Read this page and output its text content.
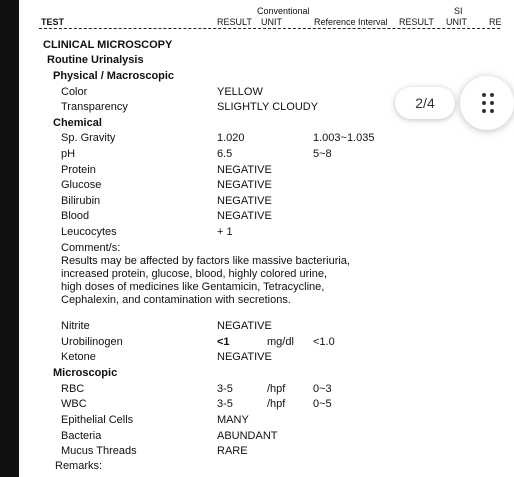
Conventional	SI
TEST	RESULT UNIT	Reference Interval RESULT UNIT RE
CLINICAL MICROSCOPY
Routine Urinalysis
Physical / Macroscopic
Color	YELLOW
Transparency	SLIGHTLY CLOUDY
Chemical
Sp. Gravity	1.020	1.003~1.035
pH	6.5	5~8
Protein	NEGATIVE
Glucose	NEGATIVE
Bilirubin	NEGATIVE
Blood	NEGATIVE
Leucocytes	+ 1
Comment/s:
Results may be affected by factors like massive bacteriuria,
increased protein, glucose, blood, highly colored urine,
high doses of medicines like Gentamicin, Tetracycline,
Cephalexin, and contamination with secretions.
Nitrite	NEGATIVE
Urobilinogen	<1	mg/dl <1.0
Ketone	NEGATIVE
Microscopic
RBC	3-5	/hpf	0~3
WBC	3-5	/hpf	0~5
Epithelial Cells	MANY
Bacteria	ABUNDANT
Mucus Threads	RARE
Remarks:
2/4
